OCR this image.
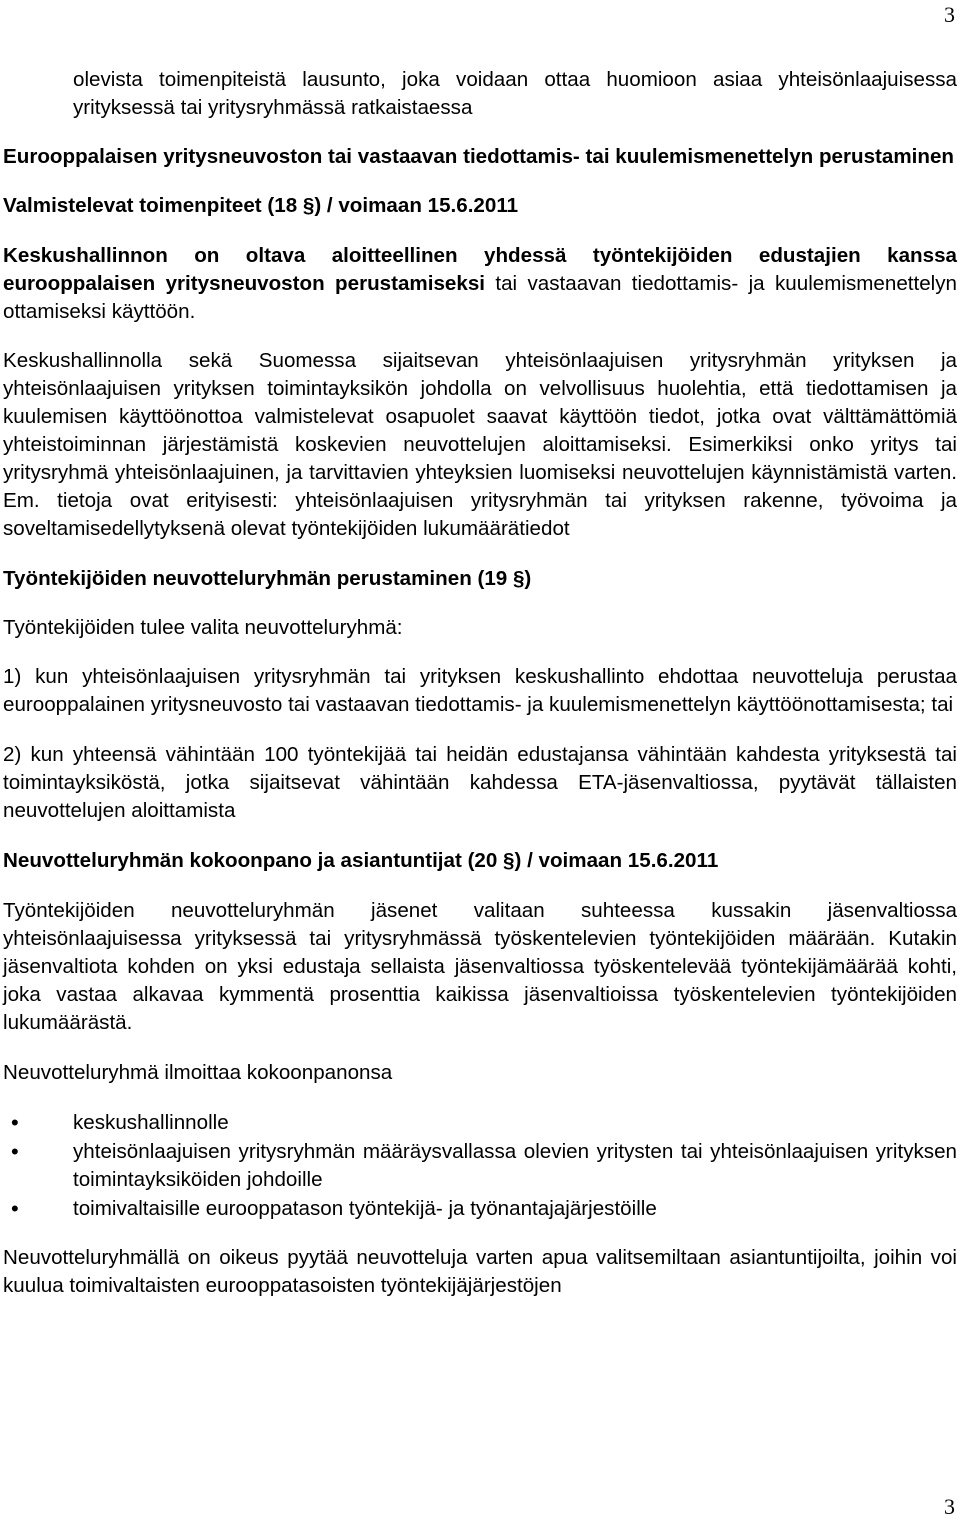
3

olevista toimenpiteistä lausunto, joka voidaan ottaa huomioon asiaa yhteisönlaajuisessa yrityksessä tai yritysryhmässä ratkaistaessa

Eurooppalaisen yritysneuvoston tai vastaavan tiedottamis- tai kuulemismenettelyn perustaminen

Valmistelevat toimenpiteet (18 §) / voimaan 15.6.2011

Keskushallinnon on oltava aloitteellinen yhdessä työntekijöiden edustajien kanssa eurooppalaisen yritysneuvoston perustamiseksi tai vastaavan tiedottamis- ja kuulemismenettelyn ottamiseksi käyttöön.

Keskushallinnolla sekä Suomessa sijaitsevan yhteisönlaajuisen yritysryhmän yrityksen ja yhteisönlaajuisen yrityksen toimintayksikön johdolla on velvollisuus huolehtia, että tiedottamisen ja kuulemisen käyttöönottoa valmistelevat osapuolet saavat käyttöön tiedot, jotka ovat välttämättömiä yhteistoiminnan järjestämistä koskevien neuvottelujen aloittamiseksi. Esimerkiksi onko yritys tai yritysryhmä yhteisönlaajuinen, ja tarvittavien yhteyksien luomiseksi neuvottelujen käynnistämistä varten. Em. tietoja ovat erityisesti: yhteisönlaajuisen yritysryhmän tai yrityksen rakenne, työvoima ja soveltamisedellytyksenä olevat työntekijöiden lukumäärätiedot

Työntekijöiden neuvotteluryhmän perustaminen (19 §)

Työntekijöiden tulee valita neuvotteluryhmä:

1) kun yhteisönlaajuisen yritysryhmän tai yrityksen keskushallinto ehdottaa neuvotteluja perustaa eurooppalainen yritysneuvosto tai vastaavan tiedottamis- ja kuulemismenettelyn käyttöönottamisesta; tai

2) kun yhteensä vähintään 100 työntekijää tai heidän edustajansa vähintään kahdesta yrityksestä tai toimintayksiköstä, jotka sijaitsevat vähintään kahdessa ETA-jäsenvaltiossa, pyytävät tällaisten neuvottelujen aloittamista

Neuvotteluryhmän kokoonpano ja asiantuntijat (20 §) / voimaan 15.6.2011

Työntekijöiden neuvotteluryhmän jäsenet valitaan suhteessa kussakin jäsenvaltiossa yhteisönlaajuisessa yrityksessä tai yritysryhmässä työskentelevien työntekijöiden määrään. Kutakin jäsenvaltiota kohden on yksi edustaja sellaista jäsenvaltiossa työskentelevää työntekijämäärää kohti, joka vastaa alkavaa kymmentä prosenttia kaikissa jäsenvaltioissa työskentelevien työntekijöiden lukumäärästä.

Neuvotteluryhmä ilmoittaa kokoonpanonsa

• keskushallinnolle
• yhteisönlaajuisen yritysryhmän määräysvallassa olevien yritysten tai yhteisönlaajuisen yrityksen toimintayksiköiden johdoille
• toimivaltaisille eurooppatason työntekijä- ja työnantajajärjestöille

Neuvotteluryhmällä on oikeus pyytää neuvotteluja varten apua valitsemiltaan asiantuntijoilta, joihin voi kuulua toimivaltaisten eurooppatasoisten työntekijäjärjestöjen

3
